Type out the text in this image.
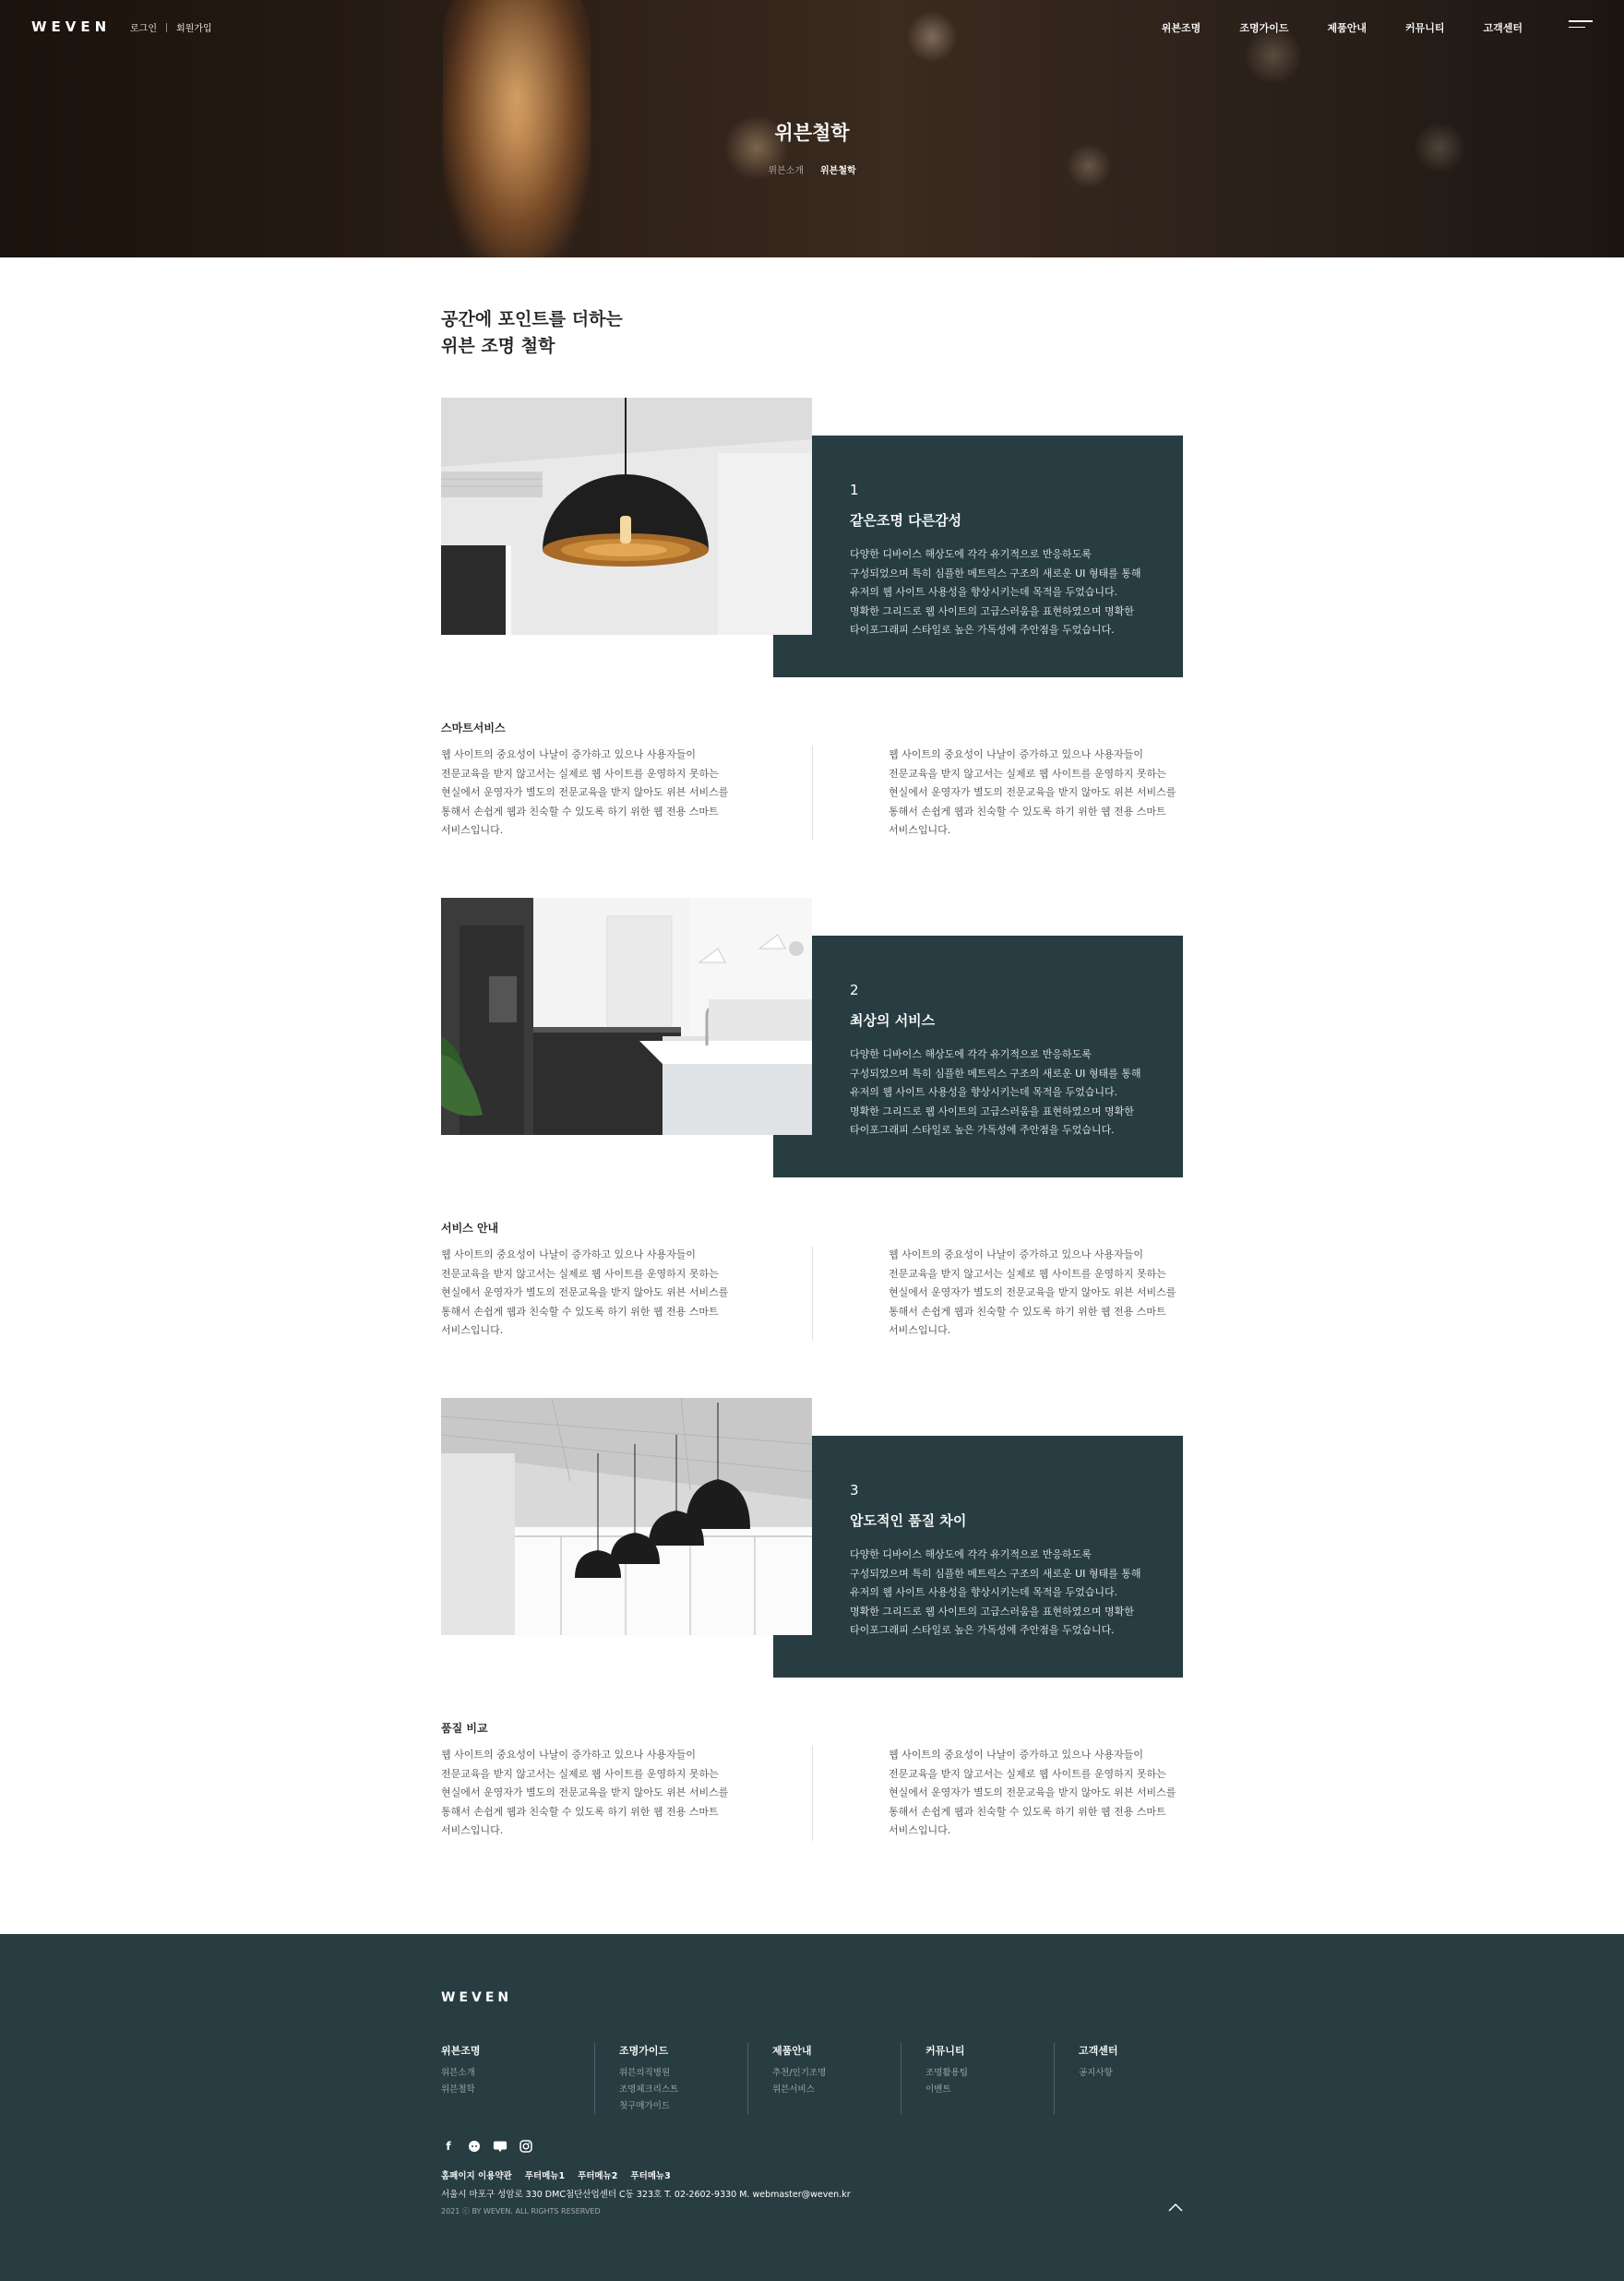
WEVEN 로그인 회원가입	위븐조명	조명가이드	제품안내	커뮤니티	고객센터
위븐철학
위븐소개 위븐철학
공간에 포인트를 더하는
위븐 조명 철학
1
같은조명 다른감성
다양한 디바이스 해상도에 각각 유기적으로 반응하도록
구성되었으며 특히 심플한 메트릭스 구조의 새로운 UI 형태를 통해
유저의 웹 사이트 사용성을 향상시키는데 목적을 두었습니다.
명확한 그리드로 웹 사이트의 고급스러움을 표현하였으며 명확한
타이포그래피 스타일로 높은 가독성에 주안점을 두었습니다.
스마트서비스
웹 사이트의 중요성이 나날이 증가하고 있으나 사용자들이
전문교육을 받지 않고서는 실제로 웹 사이트를 운영하지 못하는
현실에서 운영자가 별도의 전문교육을 받지 않아도 위븐 서비스를
통해서 손쉽게 웹과 친숙할 수 있도록 하기 위한 웹 전용 스마트
서비스입니다.
웹 사이트의 중요성이 나날이 증가하고 있으나 사용자들이
전문교육을 받지 않고서는 실제로 웹 사이트를 운영하지 못하는
현실에서 운영자가 별도의 전문교육을 받지 않아도 위븐 서비스를
통해서 손쉽게 웹과 친숙할 수 있도록 하기 위한 웹 전용 스마트
서비스입니다.
2
최상의 서비스
다양한 디바이스 해상도에 각각 유기적으로 반응하도록
구성되었으며 특히 심플한 메트릭스 구조의 새로운 UI 형태를 통해
유저의 웹 사이트 사용성을 향상시키는데 목적을 두었습니다.
명확한 그리드로 웹 사이트의 고급스러움을 표현하였으며 명확한
타이포그래피 스타일로 높은 가독성에 주안점을 두었습니다.
서비스 안내
웹 사이트의 중요성이 나날이 증가하고 있으나 사용자들이
전문교육을 받지 않고서는 실제로 웹 사이트를 운영하지 못하는
현실에서 운영자가 별도의 전문교육을 받지 않아도 위븐 서비스를
통해서 손쉽게 웹과 친숙할 수 있도록 하기 위한 웹 전용 스마트
서비스입니다.
웹 사이트의 중요성이 나날이 증가하고 있으나 사용자들이
전문교육을 받지 않고서는 실제로 웹 사이트를 운영하지 못하는
현실에서 운영자가 별도의 전문교육을 받지 않아도 위븐 서비스를
통해서 손쉽게 웹과 친숙할 수 있도록 하기 위한 웹 전용 스마트
서비스입니다.
3
압도적인 품질 차이
다양한 디바이스 해상도에 각각 유기적으로 반응하도록
구성되었으며 특히 심플한 메트릭스 구조의 새로운 UI 형태를 통해
유저의 웹 사이트 사용성을 향상시키는데 목적을 두었습니다.
명확한 그리드로 웹 사이트의 고급스러움을 표현하였으며 명확한
타이포그래피 스타일로 높은 가독성에 주안점을 두었습니다.
품질 비교
웹 사이트의 중요성이 나날이 증가하고 있으나 사용자들이
전문교육을 받지 않고서는 실제로 웹 사이트를 운영하지 못하는
현실에서 운영자가 별도의 전문교육을 받지 않아도 위븐 서비스를
통해서 손쉽게 웹과 친숙할 수 있도록 하기 위한 웹 전용 스마트
서비스입니다.
웹 사이트의 중요성이 나날이 증가하고 있으나 사용자들이
전문교육을 받지 않고서는 실제로 웹 사이트를 운영하지 못하는
현실에서 운영자가 별도의 전문교육을 받지 않아도 위븐 서비스를
통해서 손쉽게 웹과 친숙할 수 있도록 하기 위한 웹 전용 스마트
서비스입니다.
WEVEN
위븐조명
위븐소개
위븐철학
조명가이드
위븐의직병원
조명체크리스트
첫구매가이드
제품안내
추천/인기조명
위븐서비스
커뮤니티
조명활용팁
이벤트
고객센터
공지사항
f
홈페이지 이용약관 푸터메뉴1 푸터메뉴2 푸터메뉴3
서울시 마포구 성암로 330 DMC첨단산업센터 C동 323호 T. 02-2602-9330 M. webmaster@weven.kr
2021 ⓒ BY WEVEN. ALL RIGHTS RESERVED
